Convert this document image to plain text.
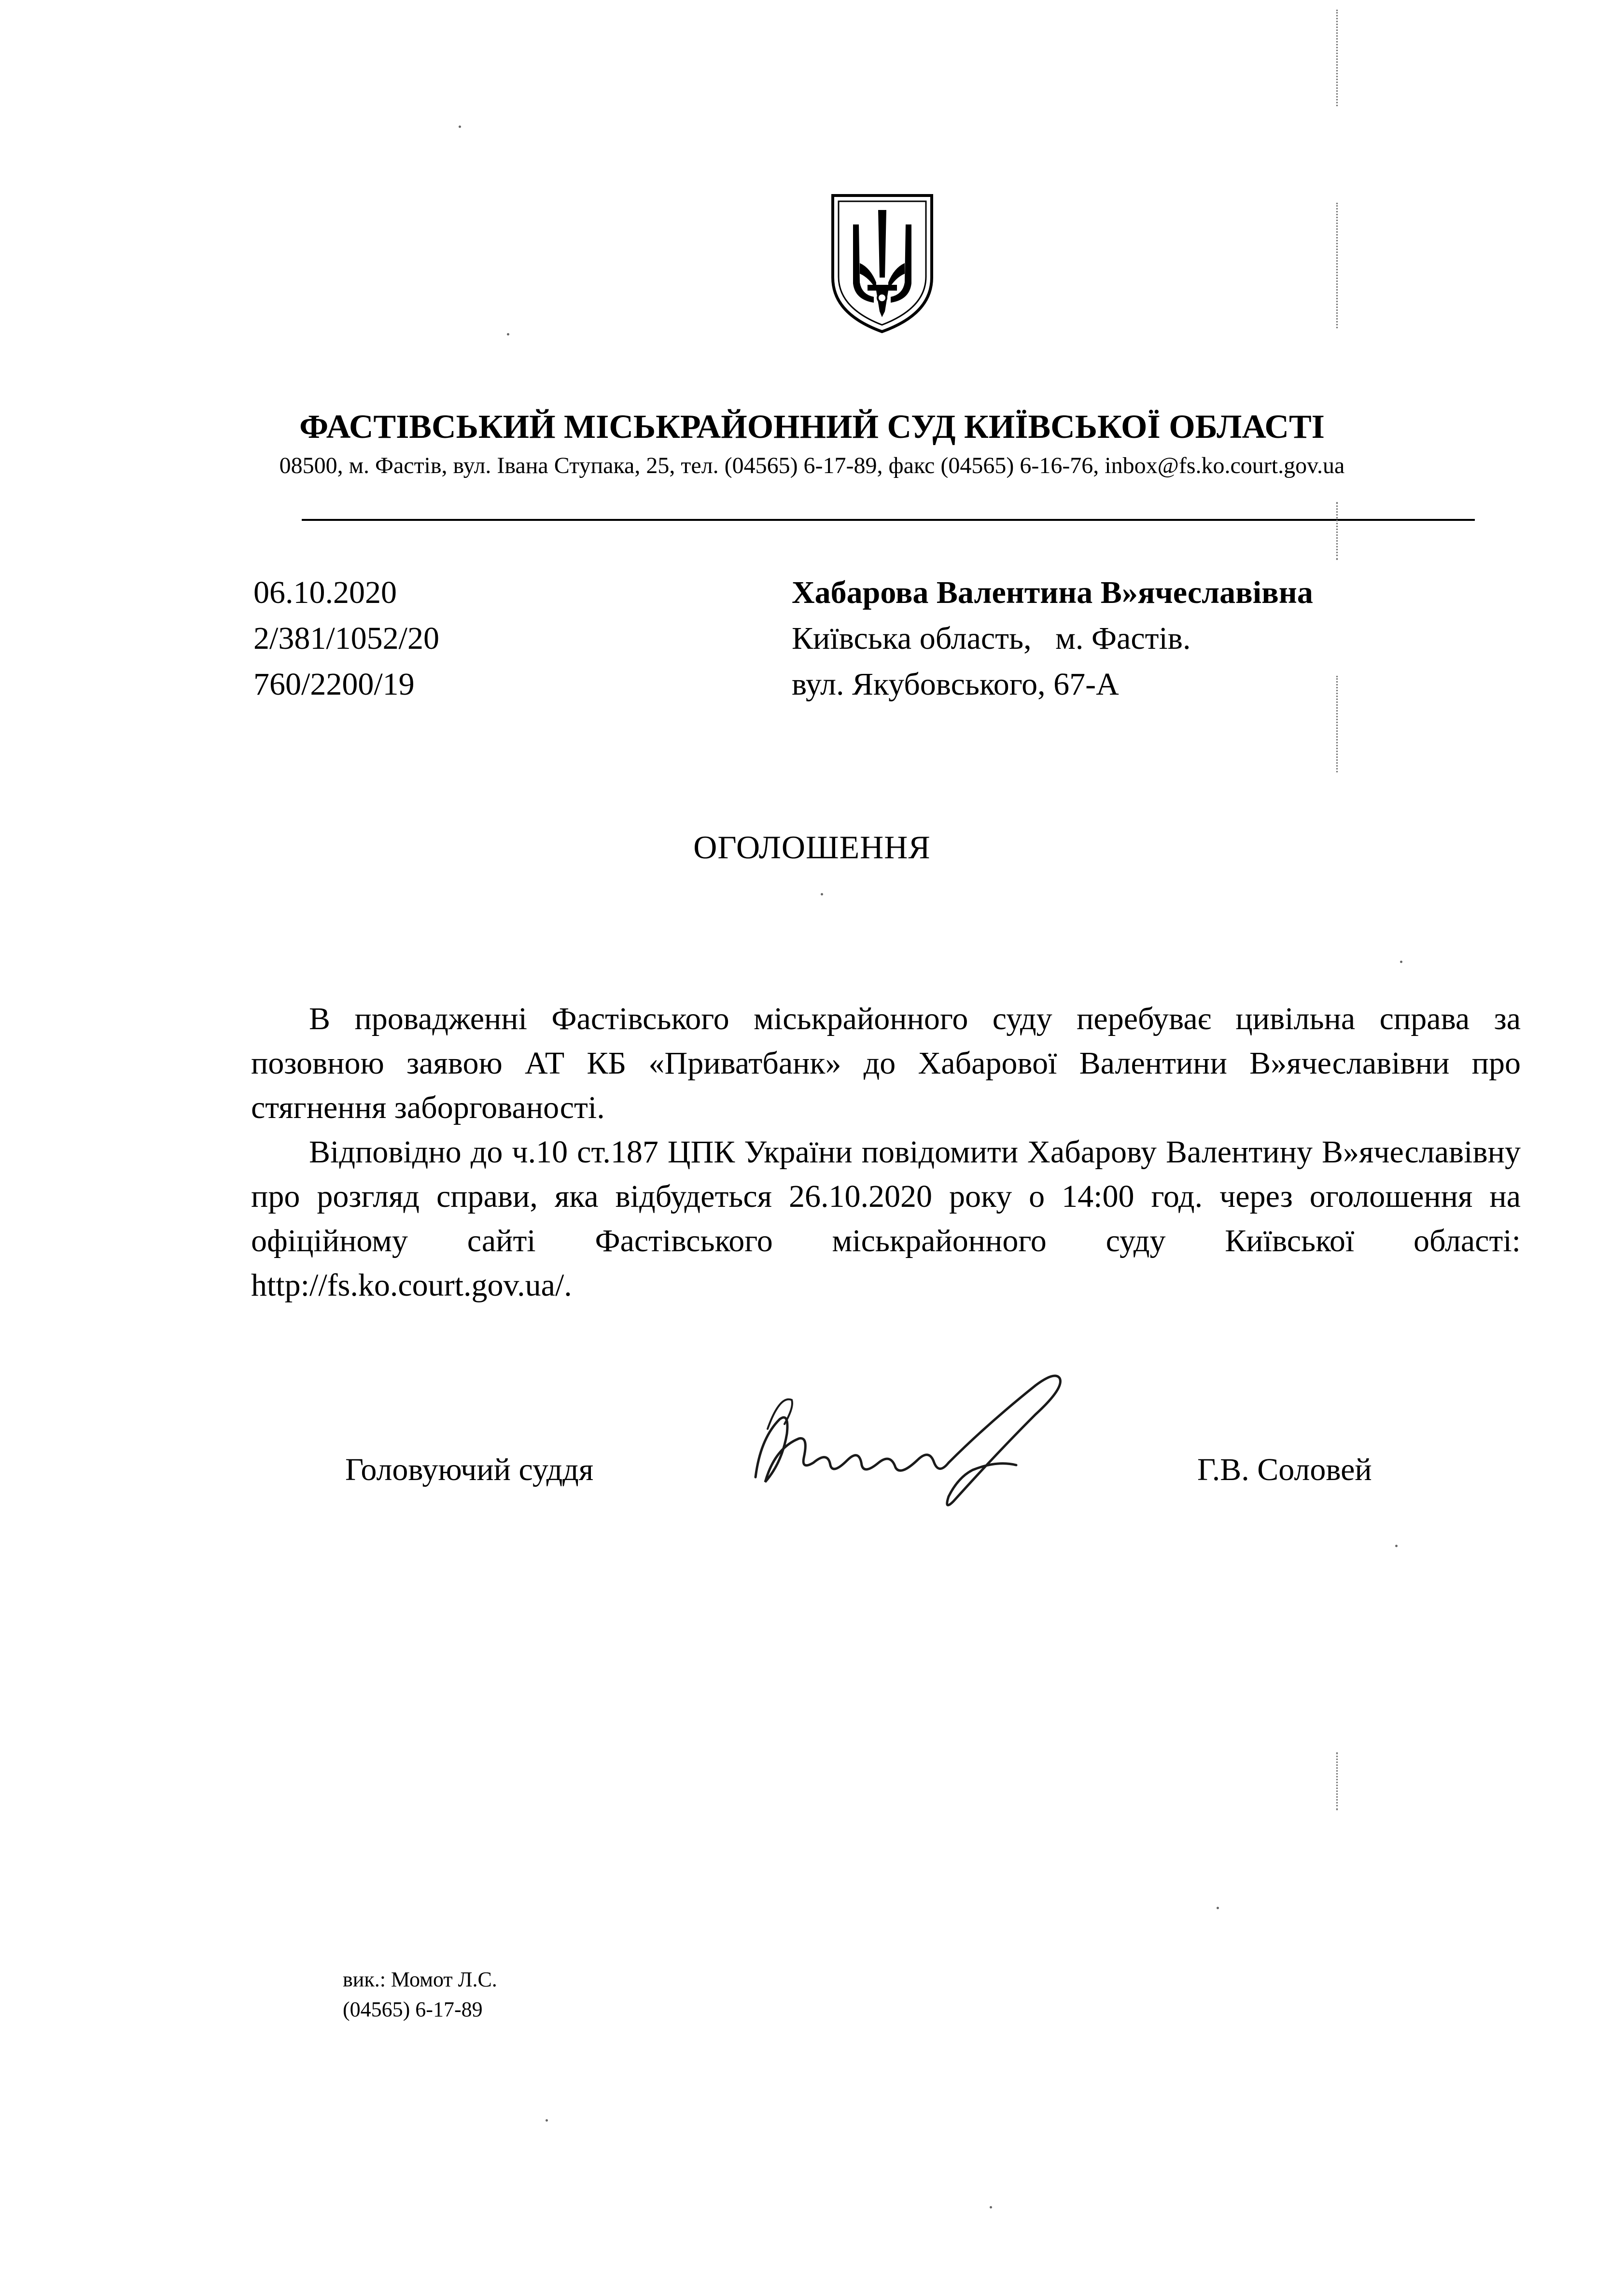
ФАСТІВСЬКИЙ МІСЬКРАЙОННИЙ СУД КИЇВСЬКОЇ ОБЛАСТІ
08500, м. Фастів, вул. Івана Ступака, 25, тел. (04565) 6-17-89, факс (04565) 6-16-76, inbox@fs.ko.court.gov.ua
06.10.2020
2/381/1052/20
760/2200/19
Хабарова Валентина В»ячеславівна
Київська область,   м. Фастів.
вул. Якубовського, 67-А
ОГОЛОШЕННЯ

В провадженні Фастівського міськрайонного суду перебуває цивільна справа за позовною заявою АТ КБ «Приватбанк» до Хабарової Валентини В»ячеславівни про стягнення заборгованості.

Відповідно до ч.10 ст.187 ЦПК України повідомити Хабарову Валентину В»ячеславівну про розгляд справи, яка відбудеться 26.10.2020 року о 14:00 год. через оголошення на офіційному сайті Фастівського міськрайонного суду Київської області: http://fs.ko.court.gov.ua/.

Головуючий суддя	Г.В. Соловей
вик.: Момот Л.С.
(04565) 6-17-89
